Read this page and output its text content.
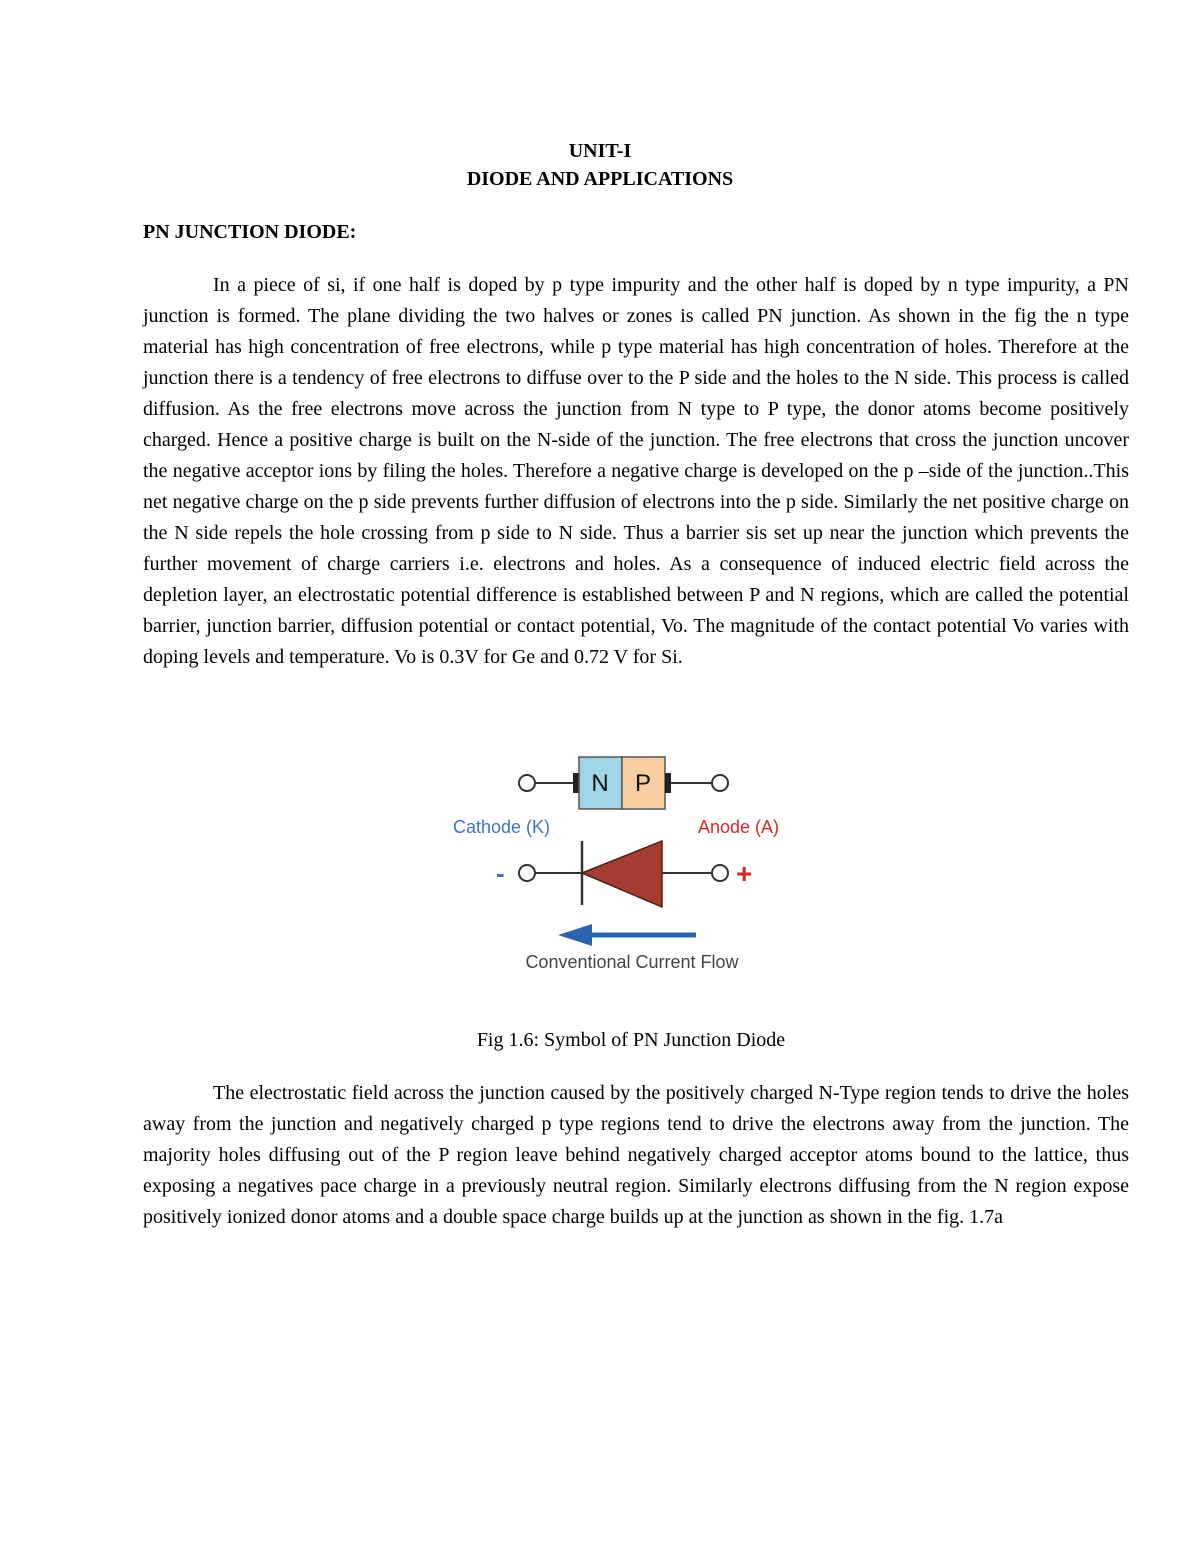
UNIT-I
DIODE AND APPLICATIONS
PN JUNCTION DIODE:

In a piece of si, if one half is doped by p type impurity and the other half is doped by n type impurity, a PN junction is formed. The plane dividing the two halves or zones is called PN junction. As shown in the fig the n type material has high concentration of free electrons, while p type material has high concentration of holes. Therefore at the junction there is a tendency of free electrons to diffuse over to the P side and the holes to the N side. This process is called diffusion. As the free electrons move across the junction from N type to P type, the donor atoms become positively charged. Hence a positive charge is built on the N-side of the junction. The free electrons that cross the junction uncover the negative acceptor ions by filing the holes. Therefore a negative charge is developed on the p –side of the junction..This net negative charge on the p side prevents further diffusion of electrons into the p side. Similarly the net positive charge on the N side repels the hole crossing from p side to N side. Thus a barrier sis set up near the junction which prevents the further movement of charge carriers i.e. electrons and holes. As a consequence of induced electric field across the depletion layer, an electrostatic potential difference is established between P and N regions, which are called the potential barrier, junction barrier, diffusion potential or contact potential, Vo. The magnitude of the contact potential Vo varies with doping levels and temperature. Vo is 0.3V for Ge and 0.72 V for Si.

N P
Cathode (K)	Anode (A)
-	+
Conventional Current Flow
Fig 1.6: Symbol of PN Junction Diode

The electrostatic field across the junction caused by the positively charged N-Type region tends to drive the holes away from the junction and negatively charged p type regions tend to drive the electrons away from the junction. The majority holes diffusing out of the P region leave behind negatively charged acceptor atoms bound to the lattice, thus exposing a negatives pace charge in a previously neutral region. Similarly electrons diffusing from the N region expose positively ionized donor atoms and a double space charge builds up at the junction as shown in the fig. 1.7a
